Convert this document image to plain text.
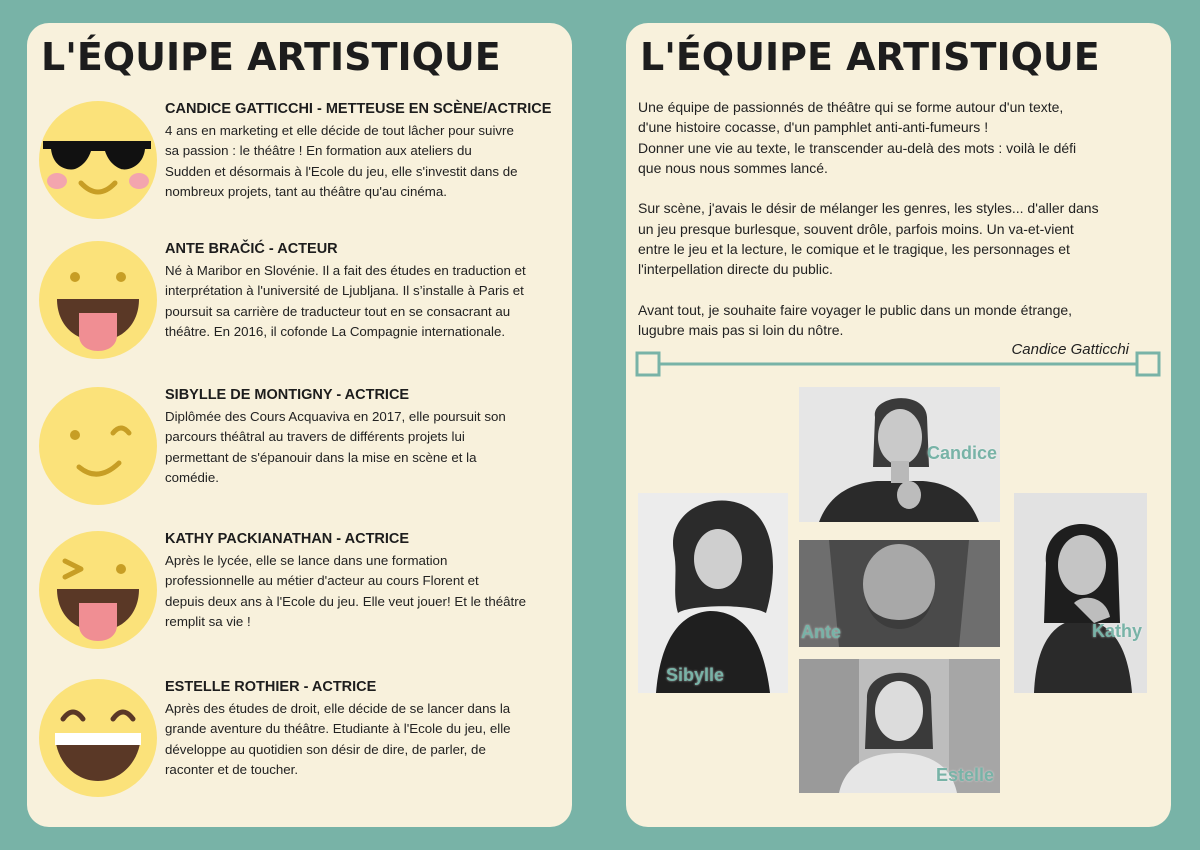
L'ÉQUIPE ARTISTIQUE

CANDICE GATTICCHI - METTEUSE EN SCÈNE/ACTRICE

4 ans en marketing et elle décide de tout lâcher pour suivre
sa passion : le théâtre ! En formation aux ateliers du
Sudden et désormais à l'Ecole du jeu, elle s'investit dans de
nombreux projets, tant au théâtre qu'au cinéma.

ANTE BRAČIĆ - ACTEUR

Né à Maribor en Slovénie. Il a fait des études en traduction et
interprétation à l'université de Ljubljana. Il s’installe à Paris et
poursuit sa carrière de traducteur tout en se consacrant au
théâtre. En 2016, il cofonde La Compagnie internationale.

SIBYLLE DE MONTIGNY - ACTRICE

Diplômée des Cours Acquaviva en 2017, elle poursuit son
parcours théâtral au travers de différents projets lui
permettant de s'épanouir dans la mise en scène et la
comédie.

KATHY PACKIANATHAN - ACTRICE

Après le lycée, elle se lance dans une formation
professionnelle au métier d'acteur au cours Florent et
depuis deux ans à l'Ecole du jeu. Elle veut jouer! Et le théâtre
remplit sa vie !

ESTELLE ROTHIER - ACTRICE

Après des études de droit, elle décide de se lancer dans la
grande aventure du théâtre. Etudiante à l'Ecole du jeu, elle
développe au quotidien son désir de dire, de parler, de
raconter et de toucher.

L'ÉQUIPE ARTISTIQUE

Une équipe de passionnés de théâtre qui se forme autour d'un texte,
d'une histoire cocasse, d'un pamphlet anti-anti-fumeurs !
Donner une vie au texte, le transcender au-delà des mots : voilà le défi
que nous nous sommes lancé.

Sur scène, j'avais le désir de mélanger les genres, les styles... d'aller dans
un jeu presque burlesque, souvent drôle, parfois moins. Un va-et-vient
entre le jeu et la lecture, le comique et le tragique, les personnages et
l'interpellation directe du public.

Avant tout, je souhaite faire voyager le public dans un monde étrange,
lugubre mais pas si loin du nôtre.

Candice Gatticchi

Candice
Sibylle
Ante	Kathy
Estelle
